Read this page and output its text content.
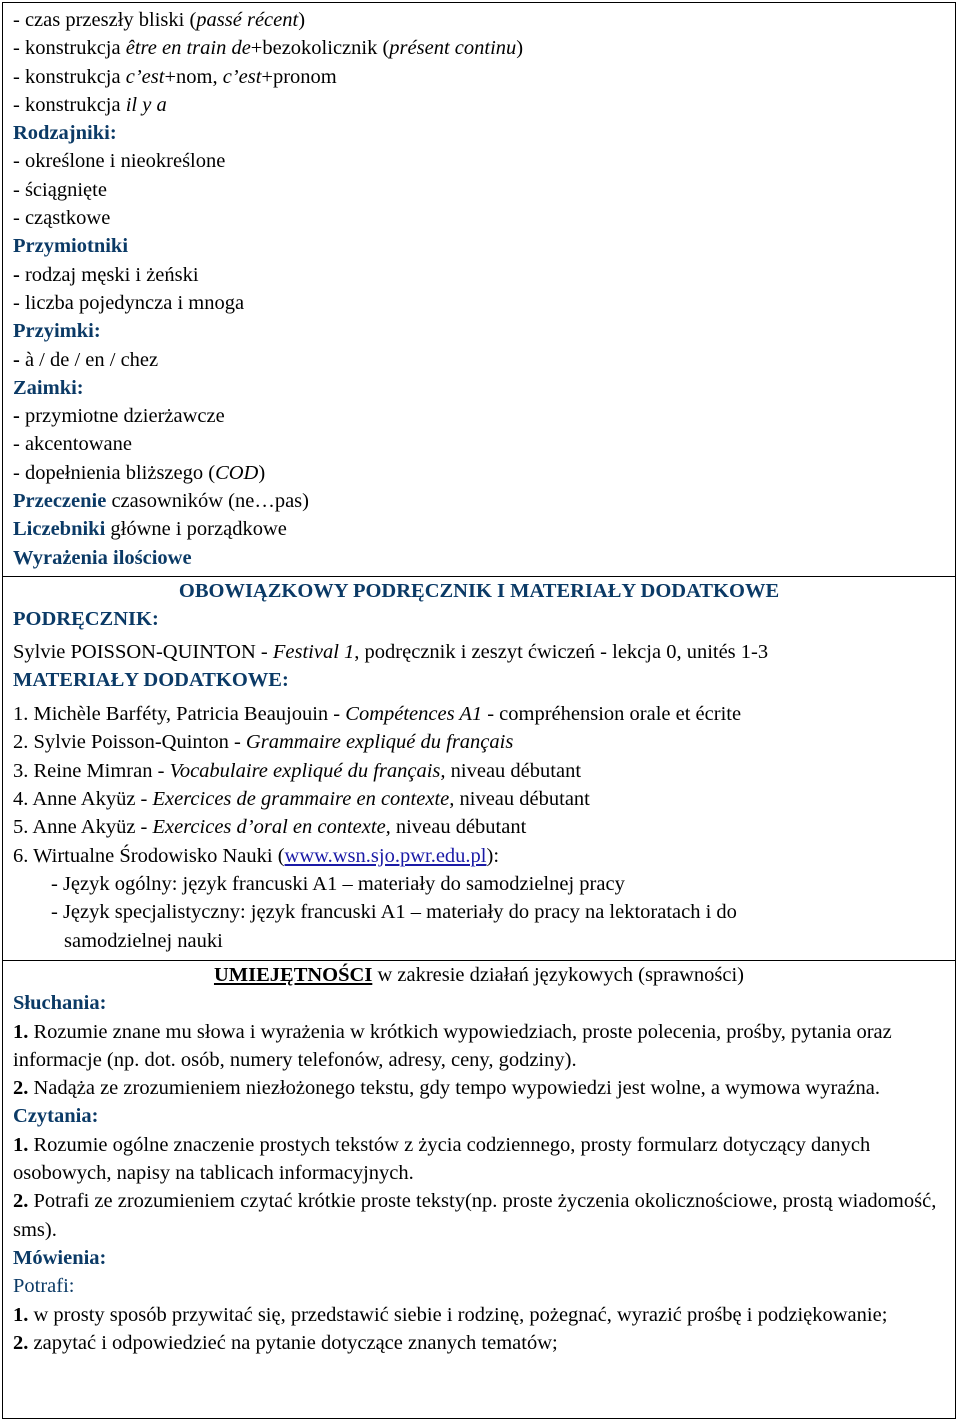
- czas przeszły bliski (passé récent)
- konstrukcja être en train de+bezokolicznik (présent continu)
- konstrukcja c’est+nom, c’est+pronom
- konstrukcja il y a
Rodzajniki:
- określone i nieokreślone
- ściągnięte
- cząstkowe
Przymiotniki
- rodzaj męski i żeński
- liczba pojedyncza i mnoga
Przyimki:
- à / de / en / chez
Zaimki:
- przymiotne dzierżawcze
- akcentowane
- dopełnienia bliższego (COD)
Przeczenie czasowników (ne…pas)
Liczebniki główne i porządkowe
Wyrażenia ilościowe
OBOWIĄZKOWY PODRĘCZNIK I MATERIAŁY DODATKOWE
PODRĘCZNIK:
Sylvie POISSON-QUINTON - Festival 1, podręcznik i zeszyt ćwiczeń - lekcja 0, unités 1-3
MATERIAŁY DODATKOWE:
1. Michèle Barféty, Patricia Beaujouin - Compétences A1 - compréhension orale et écrite
2. Sylvie Poisson-Quinton - Grammaire expliqué du français
3. Reine Mimran - Vocabulaire expliqué du français, niveau débutant
4. Anne Akyüz - Exercices de grammaire en contexte, niveau débutant
5. Anne Akyüz - Exercices d’oral en contexte, niveau débutant
6. Wirtualne Środowisko Nauki (www.wsn.sjo.pwr.edu.pl):
- Język ogólny: język francuski A1 – materiały do samodzielnej pracy
- Język specjalistyczny: język francuski A1 – materiały do pracy na lektoratach i do
samodzielnej nauki
UMIEJĘTNOŚCI w zakresie działań językowych (sprawności)
Słuchania:
1. Rozumie znane mu słowa i wyrażenia w krótkich wypowiedziach, proste polecenia, prośby, pytania oraz informacje (np. dot. osób, numery telefonów, adresy, ceny, godziny).
2. Nadąża ze zrozumieniem niezłożonego tekstu, gdy tempo wypowiedzi jest wolne, a wymowa wyraźna.
Czytania:
1. Rozumie ogólne znaczenie prostych tekstów z życia codziennego, prosty formularz dotyczący danych osobowych, napisy na tablicach informacyjnych.
2. Potrafi ze zrozumieniem czytać krótkie proste teksty(np. proste życzenia okolicznościowe, prostą wiadomość, sms).
Mówienia:
Potrafi:
1. w prosty sposób przywitać się, przedstawić siebie i rodzinę, pożegnać, wyrazić prośbę i podziękowanie;
2. zapytać i odpowiedzieć na pytanie dotyczące znanych tematów;
